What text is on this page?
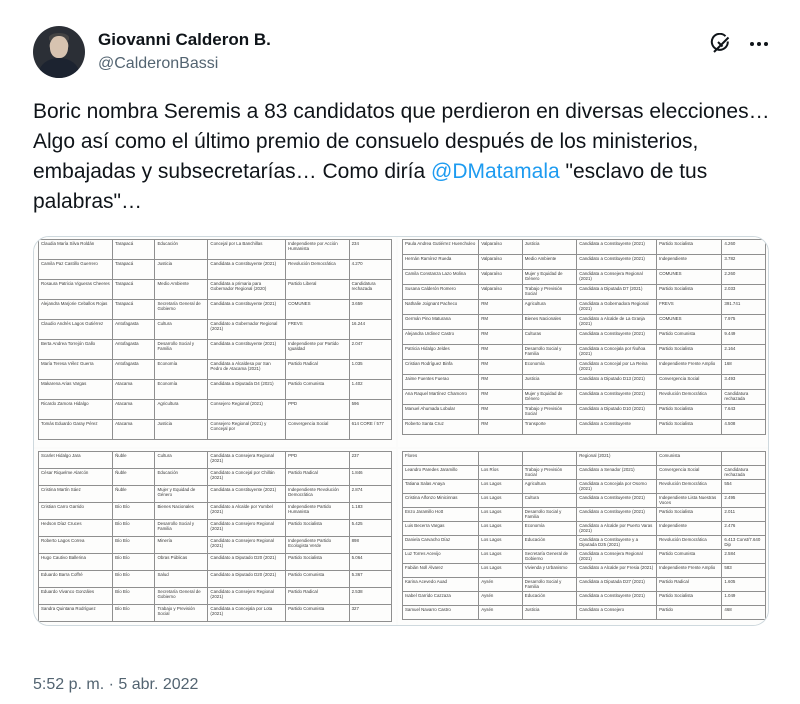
Giovanni Calderon B.
@CalderonBassi
Boric nombra Seremis a 83 candidatos que perdieron en diversas elecciones… Algo así como el último premio de consuelo después de los ministerios, embajadas y subsecretarías… Como diría @DMatamala "esclavo de tus palabras"…
Claudia María Silva Roldán	Tarapacá	Educación	Concejal por La Banchillas	Independiente por Acción Humanista	234
Camila Paz Castillo Guerrero	Tarapacá	Justicia	Candidata a Constituyente (2021)	Revolución Democrática	4.270
Rosaura Patricia Vigueras Cheeres	Tarapacá	Medio Ambiente	Candidata a primaria para Gobernador Regional (2020)	Partido Liberal	Candidatura rechazada
Alejandra Marjorie Ceballos Rojas	Tarapacá	Secretaría General de Gobierno	Candidata a Constituyente (2021)	COMUNES	3.659
Claudio Andrés Lagos Gutiérrez	Antofagasta	Cultura	Candidato a Gobernador Regional (2021)	FREVS	16.244
Berta Andrea Torrejón Gallo	Antofagasta	Desarrollo Social y Familia	Candidata a Constituyente (2021)	Independiente por Partido Igualdad	2.047
María Teresa Vélez Guerra	Antofagasta	Economía	Candidata a Alcaldesa por San Pedro de Atacama (2021)	Partido Radical	1.035
Makarena Arias Vargas	Atacama	Economía	Candidata a Diputada D4 (2021)	Partido Comunista	1.402
Ricardo Zamora Hidalgo	Atacama	Agricultura	Consejero Regional (2021)	PPD	596
Tomás Eduardo Garay Pérez	Atacama	Justicia	Consejero Regional (2021) y Concejal por	Convergencia Social	614 CORE / 577
Paula Andrea Gutiérrez Huenchuleo	Valparaíso	Justicia	Candidata a Constituyente (2021)	Partido Socialista	4.260
Hernán Ramírez Rueda	Valparaíso	Medio Ambiente	Candidato a Constituyente (2021)	Independiente	3.782
Camila Constanza Lazo Molina	Valparaíso	Mujer y Equidad de Género	Candidata a Consejera Regional (2021)	COMUNES	2.260
Susana Calderón Romero	Valparaíso	Trabajo y Previsión Social	Candidata a Diputada D7 (2021)	Partido Socialista	2.033
Nathalie Joignant Pacheco	RM	Agricultura	Candidata a Gobernadora Regional (2021)	FREVS	391.741
Germán Pino Maturana	RM	Bienes Nacionales	Candidato a Alcalde de La Granja (2021)	COMUNES	7.975
Alejandra Urdinez Castro	RM	Culturas	Candidata a Constituyente (2021)	Partido Comunista	9.449
Patricia Hidalgo Jeldes	RM	Desarrollo Social y Familia	Candidata a Concejala por Ñuñoa (2021)	Partido Socialista	2.164
Cristian Rodríguez Binfa	RM	Economía	Candidato a Concejal por La Reina (2021)	Independiente Frente Amplio	168
Jaime Fuentes Fuerao	RM	Justicia	Candidato a Diputado D13 (2021)	Convergencia Social	3.493
Ana Raquel Martínez Chamorro	RM	Mujer y Equidad de Género	Candidata a Constituyente (2021)	Revolución Democrática	Candidatura rechazada
Manuel Ahumada Lobular	RM	Trabajo y Previsión Social	Candidato a Diputado D10 (2021)	Partido Socialista	7.643
Roberto Santa Cruz	RM	Transporte	Candidato a Constituyente	Partido Socialista	4.508
Scarlet Hidalgo Jara	Ñuble	Cultura	Candidata a Consejera Regional (2021)	PPD	237
César Riquelme Alarcón	Ñuble	Educación	Candidato a Concejal por Chillán (2021)	Partido Radical	1.846
Cristina Martín Sáez	Ñuble	Mujer y Equidad de Género	Candidata a Constituyente (2021)	Independiente Revolución Democrática	2.874
Cristian Carro Garrido	Bío Bío	Bienes Nacionales	Candidato a Alcalde por Yumbel (2021)	Independiente Partido Humanista	1.183
Hedson Díaz Cruces	Bío Bío	Desarrollo Social y Familia	Candidato a Consejero Regional (2021)	Partido Socialista	5.425
Roberto Lagos Correa	Bío Bío	Minería	Candidato a Consejero Regional (2021)	Independiente Partido Ecologista Verde	898
Hugo Cautivo Ballerina	Bío Bío	Obras Públicas	Candidato a Diputado D20 (2021)	Partido Socialista	5.064
Eduardo Barra Coffré	Bío Bío	Salud	Candidato a Diputado D20 (2021)	Partido Comunista	5.367
Eduardo Vivanco Gonzáles	Bío Bío	Secretaría General de Gobierno	Candidato a Consejero Regional (2021)	Partido Radical	2.538
Sandra Quintana Rodríguez	Bío Bío	Trabajo y Previsión Social	Candidata a Concejala por Lota (2021)	Partido Comunista	327
Flores			Regional (2021)	Comunista	
Leandro Paredes Jaramillo	Los Ríos	Trabajo y Previsión Social	Candidato a Senador (2021)	Convergencia Social	Candidatura rechazada
Tatiana Salas Anaya	Los Lagos	Agricultura	Candidata a Concejala por Osorno (2021)	Revolución Democrática	554
Cristina Alfonzo Minicinnas	Los Lagos	Cultura	Candidata a Constituyente (2021)	Independiente Lista Nuestras Voces	2.495
Enzo Jaramillo Hott	Los Lagos	Desarrollo Social y Familia	Candidato a Constituyente (2021)	Partido Socialista	2.011
Luis Becerra Vargas	Los Lagos	Economía	Candidato a Alcalde por Puerto Varas (2021)	Independiente	2.476
Daniela Carvacho Díaz	Los Lagos	Educación	Candidata a Constituyente y a Diputada D25 (2021)	Revolución Democrática	6.413 Const/7.640 Dip
Luz Torres Acevijo	Los Lagos	Secretaría General de Gobierno	Candidata a Consejera Regional (2021)	Partido Comunista	2.584
Fabián Noll Álvarez	Los Lagos	Vivienda y Urbanismo	Candidato a Alcalde por Fresia (2021)	Independiente Frente Amplio	583
Karina Acevedo Auad	Aysén	Desarrollo Social y Familia	Candidata a Diputada D27 (2021)	Partido Radical	1.605
Isabel Garrido Cazzaza	Aysén	Educación	Candidata a Constituyente (2021)	Partido Socialista	1.049
Samuel Navarro Castro	Aysén	Justicia	Candidato a Consejero	Partido	468
5:52 p. m. · 5 abr. 2022
